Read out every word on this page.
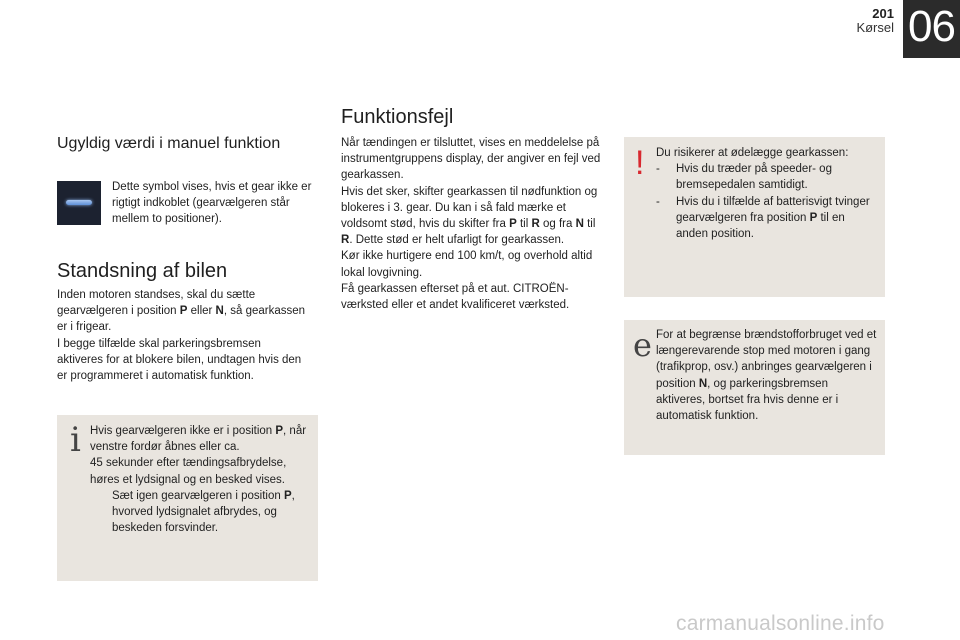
201
Kørsel 06
Ugyldig værdi i manuel funktion

Dette symbol vises, hvis et gear ikke er rigtigt indkoblet (gearvælgeren står mellem to positioner).

Standsning af bilen

Inden motoren standses, skal du sætte gearvælgeren i position P eller N, så gearkassen er i frigear.

I begge tilfælde skal parkeringsbremsen aktiveres for at blokere bilen, undtagen hvis den er programmeret i automatisk funktion.

i Hvis gearvælgeren ikke er i position P, når venstre fordør åbnes eller ca.

45 sekunder efter tændingsafbrydelse, høres et lydsignal og en besked vises.

Sæt igen gearvælgeren i position P, hvorved lydsignalet afbrydes, og beskeden forsvinder.
Funktionsfejl

Når tændingen er tilsluttet, vises en meddelelse på instrumentgruppens display, der angiver en fejl ved gearkassen.

Hvis det sker, skifter gearkassen til nødfunktion og blokeres i 3. gear. Du kan i så fald mærke et voldsomt stød, hvis du skifter fra P til R og fra N til R. Dette stød er helt ufarligt for gearkassen.

Kør ikke hurtigere end 100 km/t, og overhold altid lokal lovgivning.

Få gearkassen efterset på et aut. CITROËN-værksted eller et andet kvalificeret værksted.

! Du risikerer at ødelægge gearkassen:

-	Hvis du træder på speeder- og bremsepedalen samtidigt.
-	Hvis du i tilfælde af batterisvigt tvinger gearvælgeren fra position P til en anden position.
e For at begrænse brændstofforbruget ved et længerevarende stop med motoren i gang (trafikprop, osv.) anbringes gearvælgeren i position N, og parkeringsbremsen aktiveres, bortset fra hvis denne er i automatisk funktion.

carmanualsonline.info
